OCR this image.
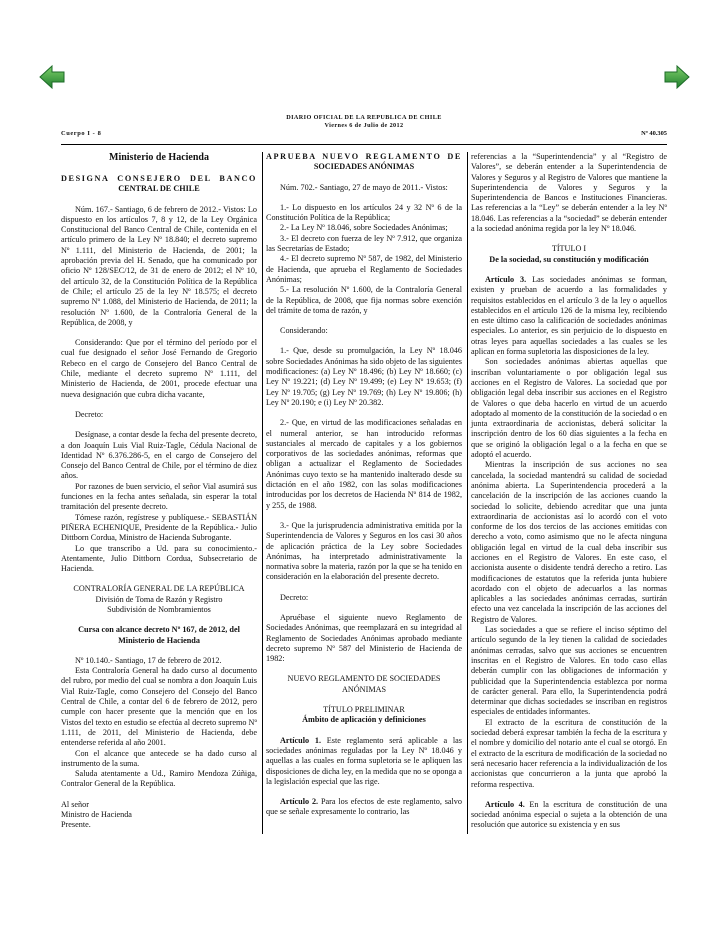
DIARIO OFICIAL DE LA REPUBLICA DE CHILE
Viernes 6 de Julio de 2012
Cuerpo I - 8	Nº 40.305

Ministerio de Hacienda

DESIGNA CONSEJERO DEL BANCO

CENTRAL DE CHILE

Núm. 167.- Santiago, 6 de febrero de 2012.- Vistos: Lo dispuesto en los artículos 7, 8 y 12, de la Ley Orgánica Constitucional del Banco Central de Chile, contenida en el artículo primero de la Ley Nº 18.840; el decreto supremo Nº 1.111, del Ministerio de Hacienda, de 2001; la aprobación previa del H. Senado, que ha comunicado por oficio Nº 128/SEC/12, de 31 de enero de 2012; el Nº 10, del artículo 32, de la Constitución Política de la República de Chile; el artículo 25 de la ley Nº 18.575; el decreto supremo Nº 1.088, del Ministerio de Hacienda, de 2011; la resolución Nº 1.600, de la Contraloría General de la República, de 2008, y

Considerando: Que por el término del período por el cual fue designado el señor José Fernando de Gregorio Rebeco en el cargo de Consejero del Banco Central de Chile, mediante el decreto supremo Nº 1.111, del Ministerio de Hacienda, de 2001, procede efectuar una nueva designación que cubra dicha vacante,

Decreto:

Desígnase, a contar desde la fecha del presente decreto, a don Joaquín Luis Vial Ruiz-Tagle, Cédula Nacional de Identidad Nº 6.376.286-5, en el cargo de Consejero del Consejo del Banco Central de Chile, por el término de diez años.

Por razones de buen servicio, el señor Vial asumirá sus funciones en la fecha antes señalada, sin esperar la total tramitación del presente decreto.

Tómese razón, regístrese y publíquese.- SEBASTIÁN PIÑERA ECHENIQUE, Presidente de la República.- Julio Dittborn Cordua, Ministro de Hacienda Subrogante.

Lo que transcribo a Ud. para su conocimiento.- Atentamente, Julio Dittborn Cordua, Subsecretario de Hacienda.

CONTRALORÍA GENERAL DE LA REPÚBLICA

División de Toma de Razón y Registro

Subdivisión de Nombramientos

Cursa con alcance decreto Nº 167, de 2012, del Ministerio de Hacienda

Nº 10.140.- Santiago, 17 de febrero de 2012.

Esta Contraloría General ha dado curso al documento del rubro, por medio del cual se nombra a don Joaquín Luis Vial Ruiz-Tagle, como Consejero del Consejo del Banco Central de Chile, a contar del 6 de febrero de 2012, pero cumple con hacer presente que la mención que en los Vistos del texto en estudio se efectúa al decreto supremo Nº 1.111, de 2011, del Ministerio de Hacienda, debe entenderse referida al año 2001.

Con el alcance que antecede se ha dado curso al instrumento de la suma.

Saluda atentamente a Ud., Ramiro Mendoza Zúñiga, Contralor General de la República.

Al señor

Ministro de Hacienda

Presente.

APRUEBA NUEVO REGLAMENTO DE

SOCIEDADES ANÓNIMAS

Núm. 702.- Santiago, 27 de mayo de 2011.- Vistos:

1.- Lo dispuesto en los artículos 24 y 32 Nº 6 de la Constitución Política de la República;

2.- La Ley Nº 18.046, sobre Sociedades Anónimas;

3.- El decreto con fuerza de ley Nº 7.912, que organiza las Secretarías de Estado;

4.- El decreto supremo Nº 587, de 1982, del Ministerio de Hacienda, que aprueba el Reglamento de Sociedades Anónimas;

5.- La resolución Nº 1.600, de la Contraloría General de la República, de 2008, que fija normas sobre exención del trámite de toma de razón, y

Considerando:

1.- Que, desde su promulgación, la Ley Nº 18.046 sobre Sociedades Anónimas ha sido objeto de las siguientes modificaciones: (a) Ley Nº 18.496; (b) Ley Nº 18.660; (c) Ley Nº 19.221; (d) Ley Nº 19.499; (e) Ley Nº 19.653; (f) Ley Nº 19.705; (g) Ley Nº 19.769; (h) Ley Nº 19.806; (h) Ley Nº 20.190; e (i) Ley Nº 20.382.

2.- Que, en virtud de las modificaciones señaladas en el numeral anterior, se han introducido reformas sustanciales al mercado de capitales y a los gobiernos corporativos de las sociedades anónimas, reformas que obligan a actualizar el Reglamento de Sociedades Anónimas cuyo texto se ha mantenido inalterado desde su dictación en el año 1982, con las solas modificaciones introducidas por los decretos de Hacienda Nº 814 de 1982, y 255, de 1988.

3.- Que la jurisprudencia administrativa emitida por la Superintendencia de Valores y Seguros en los casi 30 años de aplicación práctica de la Ley sobre Sociedades Anónimas, ha interpretado administrativamente la normativa sobre la materia, razón por la que se ha tenido en consideración en la elaboración del presente decreto.

Decreto:

Apruébase el siguiente nuevo Reglamento de Sociedades Anónimas, que reemplazará en su integridad al Reglamento de Sociedades Anónimas aprobado mediante decreto supremo Nº 587 del Ministerio de Hacienda de 1982:

NUEVO REGLAMENTO DE SOCIEDADES

ANÓNIMAS

TÍTULO PRELIMINAR

Ámbito de aplicación y definiciones

Artículo 1. Este reglamento será aplicable a las sociedades anónimas reguladas por la Ley Nº 18.046 y aquellas a las cuales en forma supletoria se le apliquen las disposiciones de dicha ley, en la medida que no se oponga a la legislación especial que las rige.

Artículo 2. Para los efectos de este reglamento, salvo que se señale expresamente lo contrario, las

referencias a la “Superintendencia” y al “Registro de Valores”, se deberán entender a la Superintendencia de Valores y Seguros y al Registro de Valores que mantiene la Superintendencia de Valores y Seguros y la Superintendencia de Bancos e Instituciones Financieras. Las referencias a la “Ley” se deberán entender a la ley Nº 18.046. Las referencias a la “sociedad” se deberán entender a la sociedad anónima regida por la ley Nº 18.046.

TÍTULO I

De la sociedad, su constitución y modificación

Artículo 3. Las sociedades anónimas se forman, existen y prueban de acuerdo a las formalidades y requisitos establecidos en el artículo 3 de la ley o aquellos establecidos en el artículo 126 de la misma ley, recibiendo en este último caso la calificación de sociedades anónimas especiales. Lo anterior, es sin perjuicio de lo dispuesto en otras leyes para aquellas sociedades a las cuales se les aplican en forma supletoria las disposiciones de la ley.

Son sociedades anónimas abiertas aquellas que inscriban voluntariamente o por obligación legal sus acciones en el Registro de Valores. La sociedad que por obligación legal deba inscribir sus acciones en el Registro de Valores o que deba hacerlo en virtud de un acuerdo adoptado al momento de la constitución de la sociedad o en junta extraordinaria de accionistas, deberá solicitar la inscripción dentro de los 60 días siguientes a la fecha en que se originó la obligación legal o a la fecha en que se adoptó el acuerdo.

Mientras la inscripción de sus acciones no sea cancelada, la sociedad mantendrá su calidad de sociedad anónima abierta. La Superintendencia procederá a la cancelación de la inscripción de las acciones cuando la sociedad lo solicite, debiendo acreditar que una junta extraordinaria de accionistas así lo acordó con el voto conforme de los dos tercios de las acciones emitidas con derecho a voto, como asimismo que no le afecta ninguna obligación legal en virtud de la cual deba inscribir sus acciones en el Registro de Valores. En este caso, el accionista ausente o disidente tendrá derecho a retiro. Las modificaciones de estatutos que la referida junta hubiere acordado con el objeto de adecuarlos a las normas aplicables a las sociedades anónimas cerradas, surtirán efecto una vez cancelada la inscripción de las acciones del Registro de Valores.

Las sociedades a que se refiere el inciso séptimo del artículo segundo de la ley tienen la calidad de sociedades anónimas cerradas, salvo que sus acciones se encuentren inscritas en el Registro de Valores. En todo caso ellas deberán cumplir con las obligaciones de información y publicidad que la Superintendencia establezca por norma de carácter general. Para ello, la Superintendencia podrá determinar que dichas sociedades se inscriban en registros especiales de entidades informantes.

El extracto de la escritura de constitución de la sociedad deberá expresar también la fecha de la escritura y el nombre y domicilio del notario ante el cual se otorgó. En el extracto de la escritura de modificación de la sociedad no será necesario hacer referencia a la individualización de los accionistas que concurrieron a la junta que aprobó la reforma respectiva.

Artículo 4. En la escritura de constitución de una sociedad anónima especial o sujeta a la obtención de una resolución que autorice su existencia y en sus
